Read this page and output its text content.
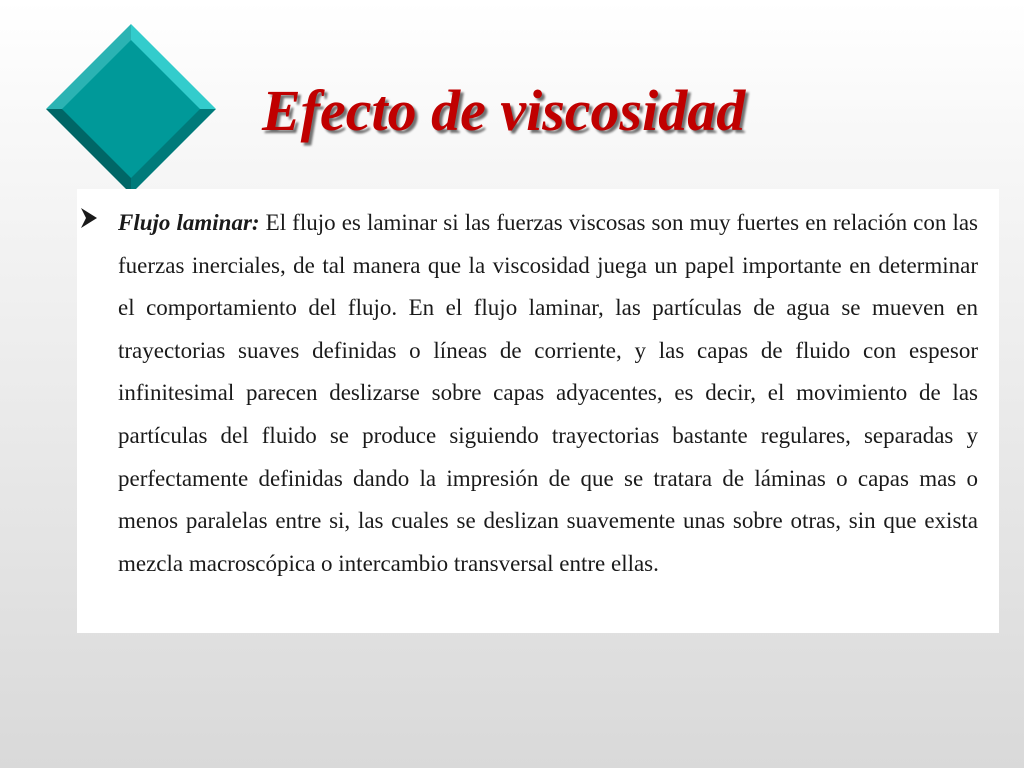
Efecto de viscosidad

Flujo laminar: El flujo es laminar si las fuerzas viscosas son muy fuertes en relación con las fuerzas inerciales, de tal manera que la viscosidad juega un papel importante en determinar el comportamiento del flujo. En el flujo laminar, las partículas de agua se mueven en trayectorias suaves definidas o líneas de corriente, y las capas de fluido con espesor infinitesimal parecen deslizarse sobre capas adyacentes, es decir, el movimiento de las partículas del fluido se produce siguiendo trayectorias bastante regulares, separadas y perfectamente definidas dando la impresión de que se tratara de láminas o capas mas o menos paralelas entre si, las cuales se deslizan suavemente unas sobre otras, sin que exista mezcla macroscópica o intercambio transversal entre ellas.
